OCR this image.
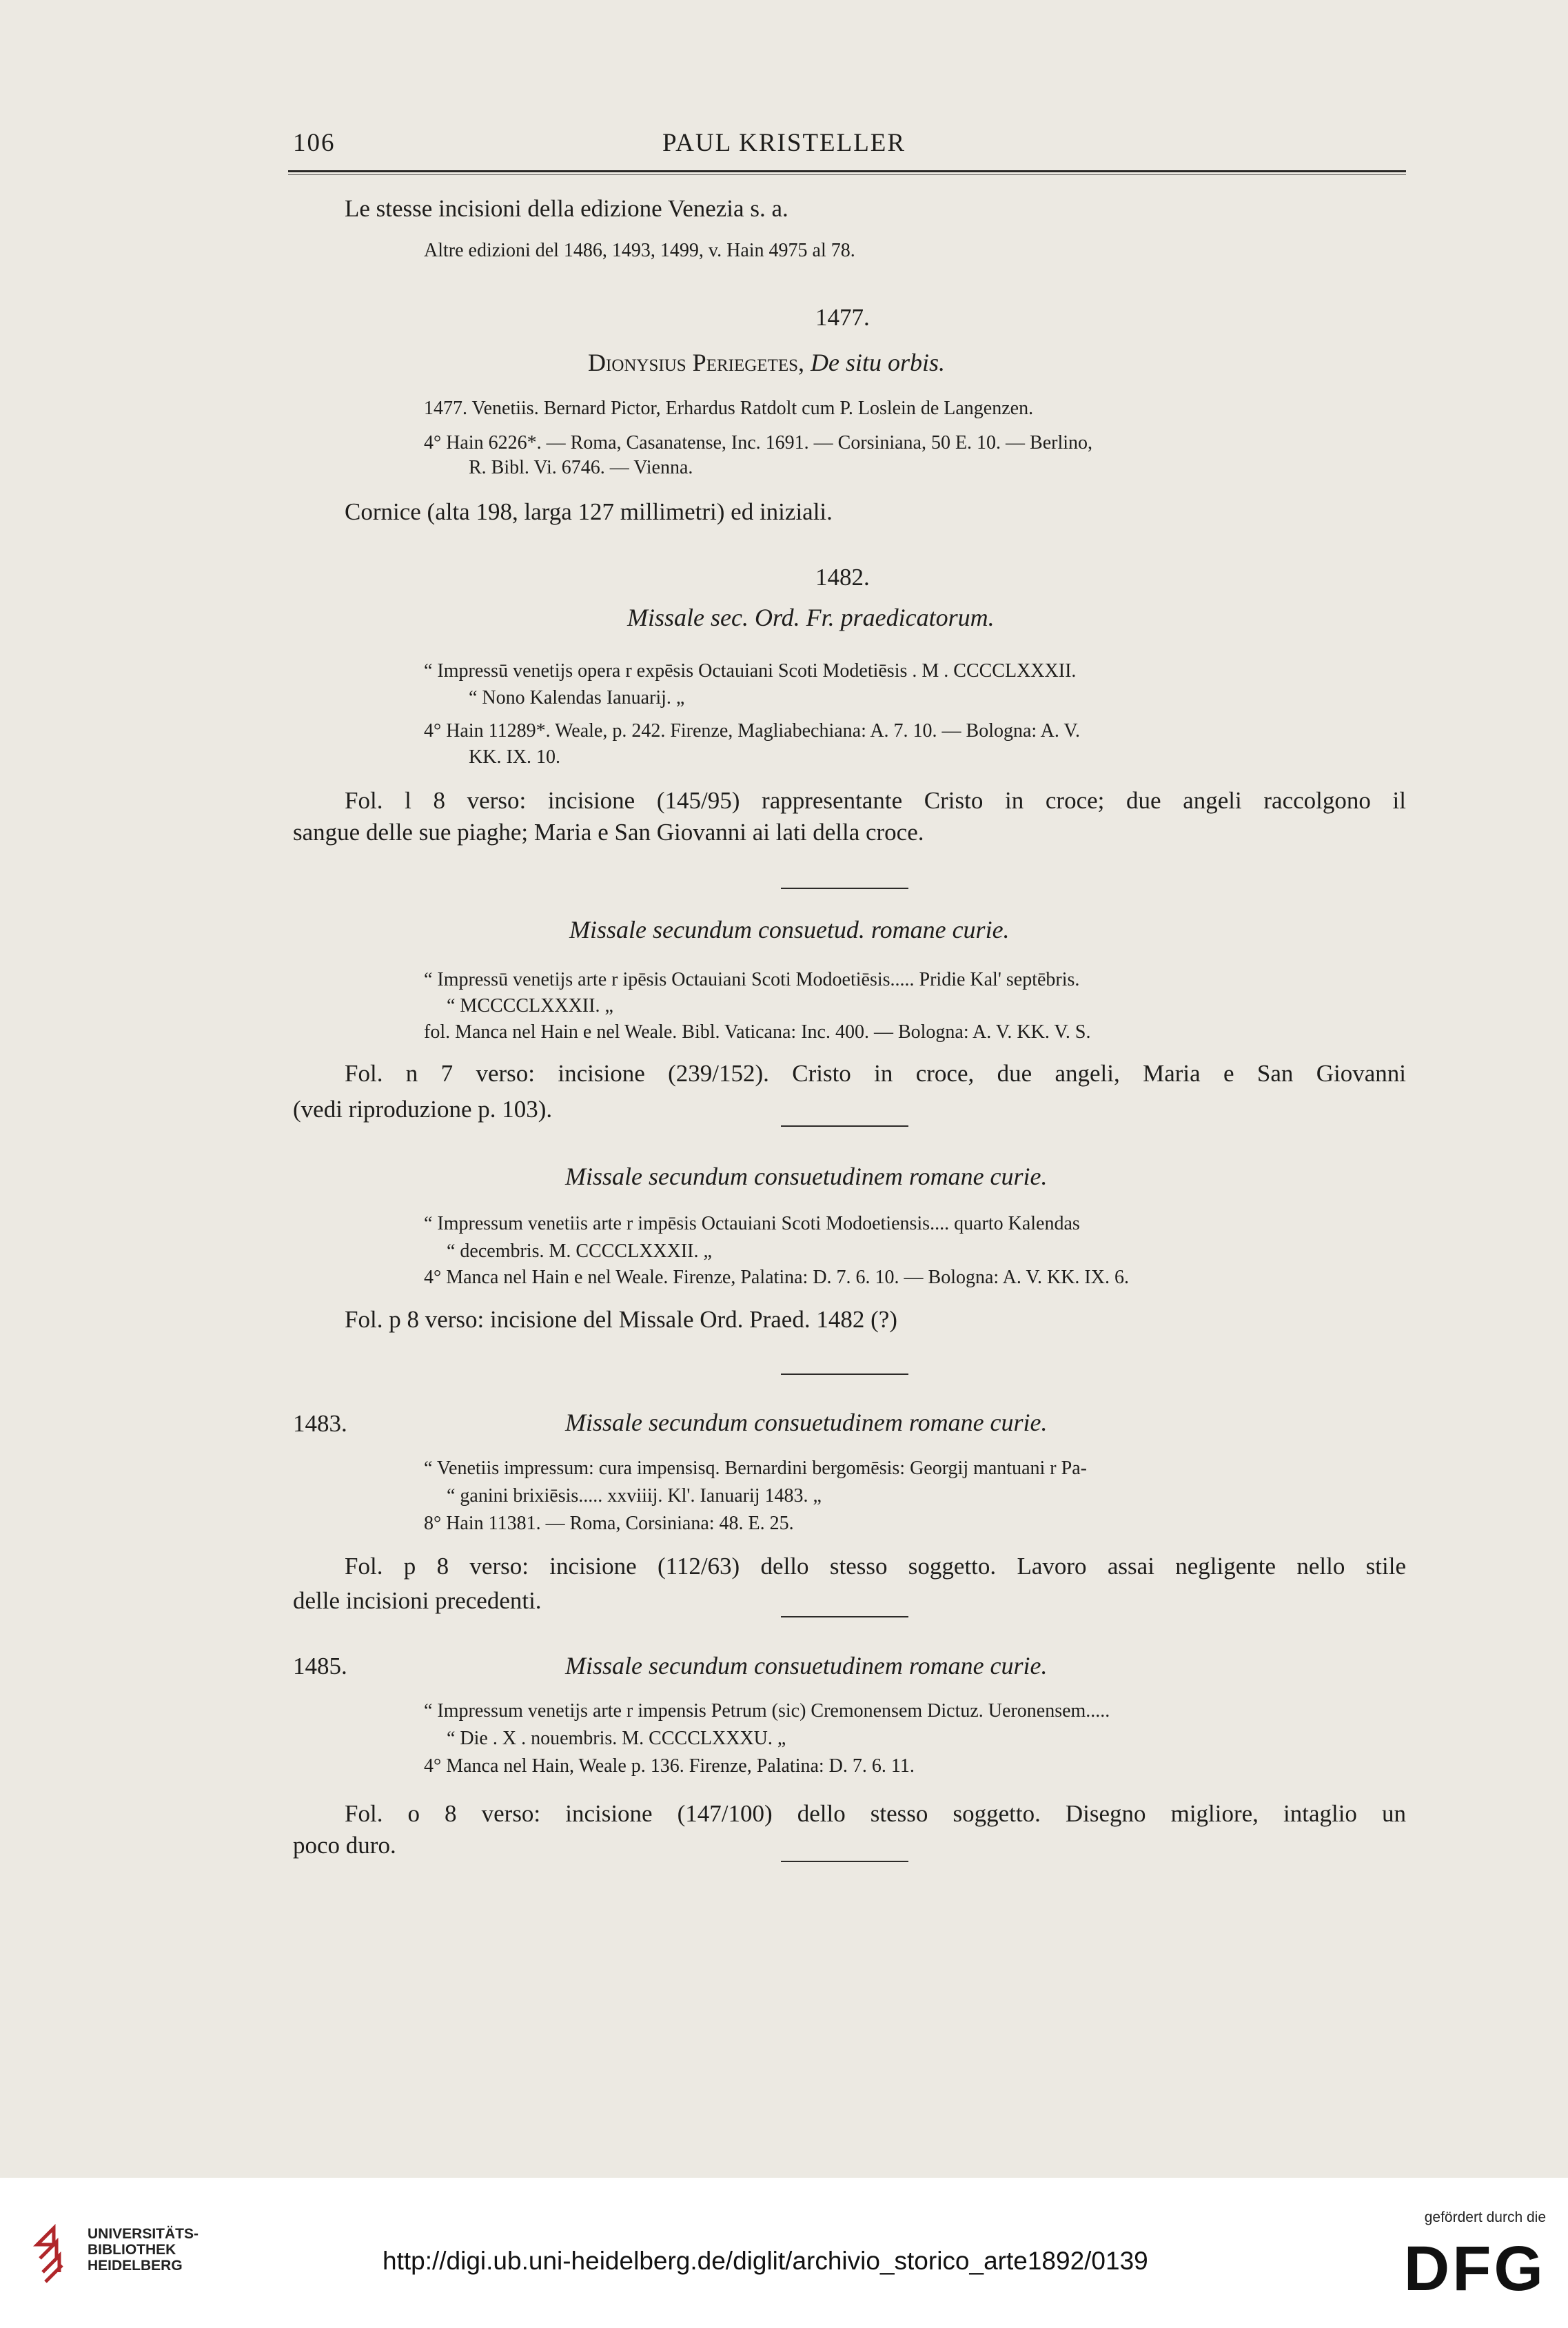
106	PAUL KRISTELLER
Le stesse incisioni della edizione Venezia s. a.
Altre edizioni del 1486, 1493, 1499, v. Hain 4975 al 78.
1477.
Dionysius Periegetes, De situ orbis.
1477. Venetiis. Bernard Pictor, Erhardus Ratdolt cum P. Loslein de Langenzen.
4° Hain 6226*. — Roma, Casanatense, Inc. 1691. — Corsiniana, 50 E. 10. — Berlino,
R. Bibl. Vi. 6746. — Vienna.
Cornice (alta 198, larga 127 millimetri) ed iniziali.
1482.
Missale sec. Ord. Fr. praedicatorum.
“ Impressū venetijs opera r expēsis Octauiani Scoti Modetiēsis . M . CCCCLXXXII.
“ Nono Kalendas Ianuarij. „
4° Hain 11289*. Weale, p. 242. Firenze, Magliabechiana: A. 7. 10. — Bologna: A. V.
KK. IX. 10.
Fol. l 8 verso: incisione (145/95) rappresentante Cristo in croce; due angeli raccolgono il
sangue delle sue piaghe; Maria e San Giovanni ai lati della croce.
Missale secundum consuetud. romane curie.
“ Impressū venetijs arte r ipēsis Octauiani Scoti Modoetiēsis..... Pridie Kal' septēbris.
“ MCCCCLXXXII. „
fol. Manca nel Hain e nel Weale. Bibl. Vaticana: Inc. 400. — Bologna: A. V. KK. V. S.
Fol. n 7 verso: incisione (239/152). Cristo in croce, due angeli, Maria e San Giovanni
(vedi riproduzione p. 103).
Missale secundum consuetudinem romane curie.
“ Impressum venetiis arte r impēsis Octauiani Scoti Modoetiensis.... quarto Kalendas
“ decembris. M. CCCCLXXXII. „
4° Manca nel Hain e nel Weale. Firenze, Palatina: D. 7. 6. 10. — Bologna: A. V. KK. IX. 6.
Fol. p 8 verso: incisione del Missale Ord. Praed. 1482 (?)
1483.	Missale secundum consuetudinem romane curie.
“ Venetiis impressum: cura impensisq. Bernardini bergomēsis: Georgij mantuani r Pa-
“ ganini brixiēsis..... xxviiij. Kl'. Ianuarij 1483. „
8° Hain 11381. — Roma, Corsiniana: 48. E. 25.
Fol. p 8 verso: incisione (112/63) dello stesso soggetto. Lavoro assai negligente nello stile
delle incisioni precedenti.
1485.	Missale secundum consuetudinem romane curie.
“ Impressum venetijs arte r impensis Petrum (sic) Cremonensem Dictuz. Ueronensem.....
“ Die . X . nouembris. M. CCCCLXXXU. „
4° Manca nel Hain, Weale p. 136. Firenze, Palatina: D. 7. 6. 11.
Fol. o 8 verso: incisione (147/100) dello stesso soggetto. Disegno migliore, intaglio un
poco duro.
UNIVERSITÄTS-
BIBLIOTHEK
HEIDELBERG	http://digi.ub.uni-heidelberg.de/diglit/archivio_storico_arte1892/0139
gefördert durch die
DFG
